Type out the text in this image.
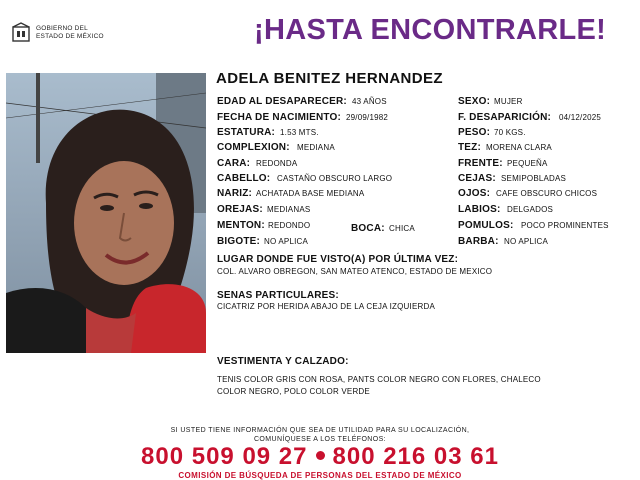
GOBIERNO DEL
ESTADO DE MÉXICO	¡HASTA ENCONTRARLE!
ADELA BENITEZ HERNANDEZ
EDAD AL DESAPARECER: 43 AÑOS
FECHA DE NACIMIENTO: 29/09/1982
ESTATURA: 1.53 MTS.
COMPLEXION: MEDIANA
CARA: REDONDA
CABELLO: CASTAÑO OBSCURO LARGO
NARIZ: ACHATADA BASE MEDIANA
OREJAS: MEDIANAS
MENTON: REDONDO	BOCA: CHICA
BIGOTE: NO APLICA
SEXO: MUJER
F. DESAPARICIÓN: 04/12/2025
PESO: 70 KGS.
TEZ: MORENA CLARA
FRENTE: PEQUEÑA
CEJAS: SEMIPOBLADAS
OJOS: CAFE OBSCURO CHICOS
LABIOS: DELGADOS
POMULOS: POCO PROMINENTES
BARBA: NO APLICA
LUGAR DONDE FUE VISTO(A) POR ÚLTIMA VEZ:
COL. ALVARO OBREGON, SAN MATEO ATENCO, ESTADO DE MEXICO
SENAS PARTICULARES:
CICATRIZ POR HERIDA ABAJO DE LA CEJA IZQUIERDA
VESTIMENTA Y CALZADO:
TENIS COLOR GRIS CON ROSA, PANTS COLOR NEGRO CON FLORES, CHALECO
COLOR NEGRO, POLO COLOR VERDE
SI USTED TIENE INFORMACIÓN QUE SEA DE UTILIDAD PARA SU LOCALIZACIÓN,
COMUNÍQUESE A LOS TELÉFONOS:
800 509 09 27 800 216 03 61
COMISIÓN DE BÚSQUEDA DE PERSONAS DEL ESTADO DE MÉXICO
